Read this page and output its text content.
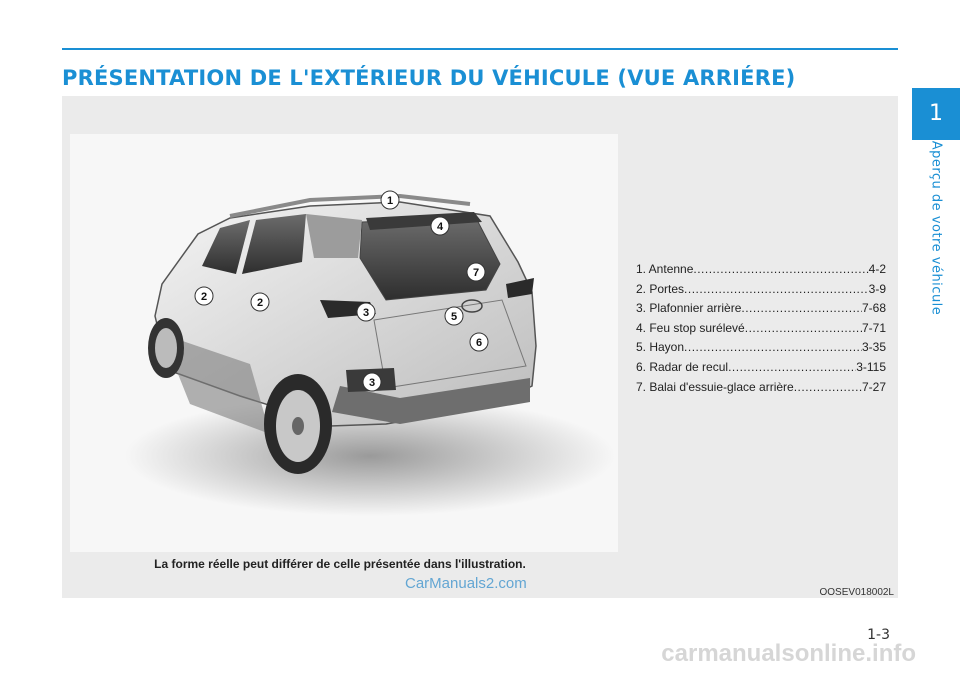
PRÉSENTATION DE L'EXTÉRIEUR DU VÉHICULE (VUE ARRIÉRE)
1
2	2
3
3
4
5
6
7	1. Antenne .....	4-2
2. Portes .....	3-9
3. Plafonnier arrière .....	7-68
4. Feu stop surélevé .....	7-71
5. Hayon .....	3-35
6. Radar de recul .....	3-115
7. Balai d'essuie-glace arrière .....	7-27
La forme réelle peut différer de celle présentée dans l'illustration.
CarManuals2.com
OOSEV018002L
1
Aperçu de votre véhicule
1-3
carmanualsonline.info
